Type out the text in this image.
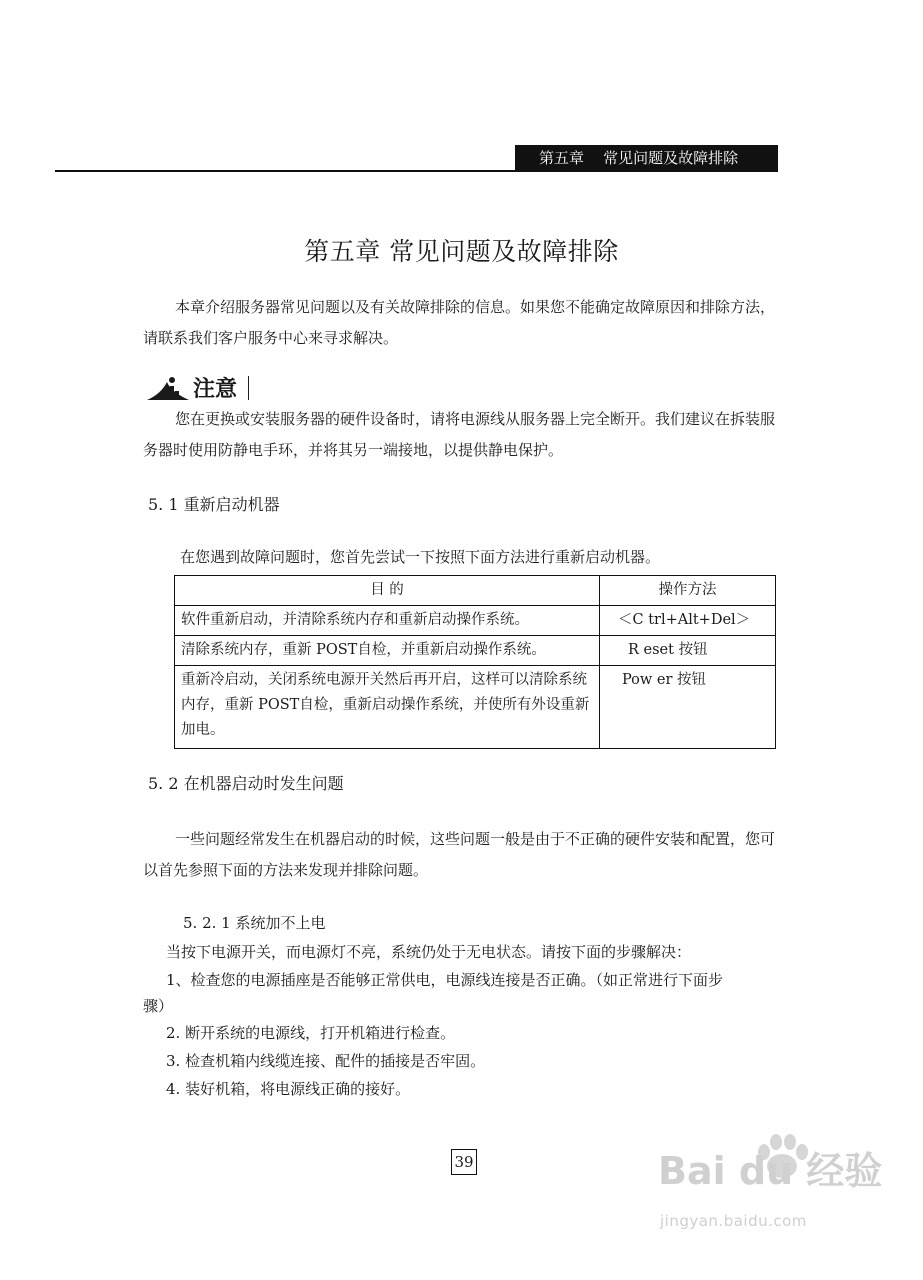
第五章    常见问题及故障排除
第五章 常见问题及故障排除
本章介绍服务器常见问题以及有关故障排除的信息。如果您不能确定故障原因和排除方法，请联系我们客户服务中心来寻求解决。
注意
您在更换或安装服务器的硬件设备时，请将电源线从服务器上完全断开。我们建议在拆装服务器时使用防静电手环，并将其另一端接地，以提供静电保护。
5. 1 重新启动机器
在您遇到故障问题时，您首先尝试一下按照下面方法进行重新启动机器。
目 的	操作方法
软件重新启动，并清除系统内存和重新启动操作系统。	＜C trl+Alt+Del＞
清除系统内存，重新 POST自检，并重新启动操作系统。	R eset 按钮
重新冷启动，关闭系统电源开关然后再开启，这样可以清除系统内存，重新 POST自检，重新启动操作系统，并使所有外设重新加电。	Pow er 按钮
5. 2 在机器启动时发生问题
一些问题经常发生在机器启动的时候，这些问题一般是由于不正确的硬件安装和配置，您可以首先参照下面的方法来发现并排除问题。
5. 2. 1 系统加不上电
当按下电源开关，而电源灯不亮，系统仍处于无电状态。请按下面的步骤解决：
1、检查您的电源插座是否能够正常供电，电源线连接是否正确。（如正常进行下面步
骤）
2. 断开系统的电源线，打开机箱进行检查。
3. 检查机箱内线缆连接、配件的插接是否牢固。
4. 装好机箱，将电源线正确的接好。
39	Bai du 经验
jingyan.baidu.com
